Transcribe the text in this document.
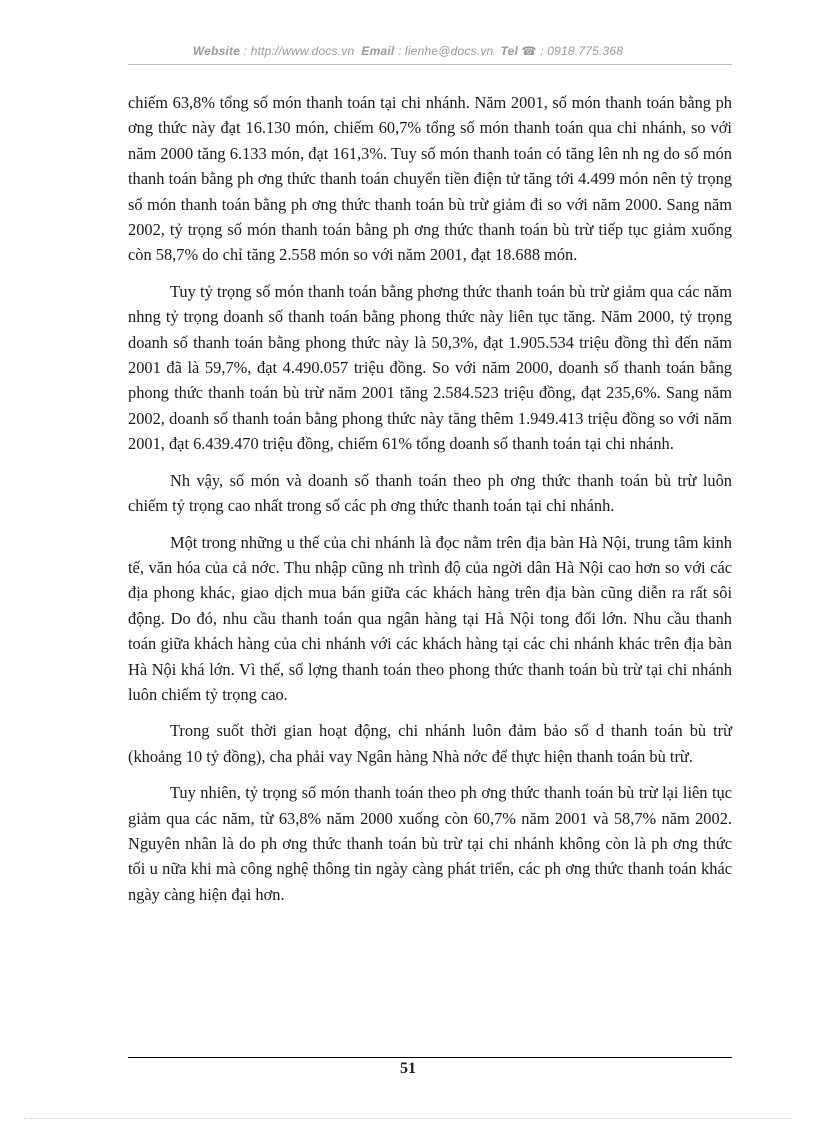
Website : http://www.docs.vn Email : lienhe@docs.vn Tel ☎ : 0918.775.368

chiếm 63,8% tổng số món thanh toán tại chi nhánh. Năm 2001, số món thanh toán bằng ph ơng thức này đạt 16.130 món, chiếm 60,7% tổng số món thanh toán qua chi nhánh, so với năm 2000 tăng 6.133 món, đạt 161,3%. Tuy số món thanh toán có tăng lên nh ng do số món thanh toán bằng ph ơng thức thanh toán chuyển tiền điện tử tăng tới 4.499 món nên tỷ trọng số món thanh toán bằng ph ơng thức thanh toán bù trừ giảm đi so với năm 2000. Sang năm 2002, tỷ trọng số món thanh toán bằng ph ơng thức thanh toán bù trừ tiếp tục giảm xuống còn 58,7% do chỉ tăng 2.558 món so với năm 2001, đạt 18.688 món.

Tuy tỷ trọng số món thanh toán bằng phơng thức thanh toán bù trừ giảm qua các năm nhng tỷ trọng doanh số thanh toán bằng phong thức này liên tục tăng. Năm 2000, tỷ trọng doanh số thanh toán bằng phong thức này là 50,3%, đạt 1.905.534 triệu đồng thì đến năm 2001 đã là 59,7%, đạt 4.490.057 triệu đồng. So với năm 2000, doanh số thanh toán bằng phong thức thanh toán bù trừ năm 2001 tăng 2.584.523 triệu đồng, đạt 235,6%. Sang năm 2002, doanh số thanh toán bằng phong thức này tăng thêm 1.949.413 triệu đồng so với năm 2001, đạt 6.439.470 triệu đồng, chiếm 61% tổng doanh số thanh toán tại chi nhánh.

Nh vậy, số món và doanh số thanh toán theo ph ơng thức thanh toán bù trừ luôn chiếm tỷ trọng cao nhất trong số các ph ơng thức thanh toán tại chi nhánh.

Một trong những u thế của chi nhánh là đọc nằm trên địa bàn Hà Nội, trung tâm kinh tế, văn hóa của cả nớc. Thu nhập cũng nh trình độ của ngời dân Hà Nội cao hơn so với các địa phong khác, giao dịch mua bán giữa các khách hàng trên địa bàn cũng diễn ra rất sôi động. Do đó, nhu cầu thanh toán qua ngân hàng tại Hà Nội tong đối lớn. Nhu cầu thanh toán giữa khách hàng của chi nhánh với các khách hàng tại các chi nhánh khác trên địa bàn Hà Nội khá lớn. Vì thế, số lợng thanh toán theo phong thức thanh toán bù trừ tại chi nhánh luôn chiếm tỷ trọng cao.

Trong suốt thời gian hoạt động, chi nhánh luôn đảm bảo số d thanh toán bù trừ (khoảng 10 tỷ đồng), cha phải vay Ngân hàng Nhà nớc để thực hiện thanh toán bù trừ.

Tuy nhiên, tỷ trọng số món thanh toán theo ph ơng thức thanh toán bù trừ lại liên tục giảm qua các năm, từ 63,8% năm 2000 xuống còn 60,7% năm 2001 và 58,7% năm 2002. Nguyên nhân là do ph ơng thức thanh toán bù trừ tại chi nhánh không còn là ph ơng thức tối u nữa khi mà công nghệ thông tin ngày càng phát triển, các ph ơng thức thanh toán khác ngày càng hiện đại hơn.

51
